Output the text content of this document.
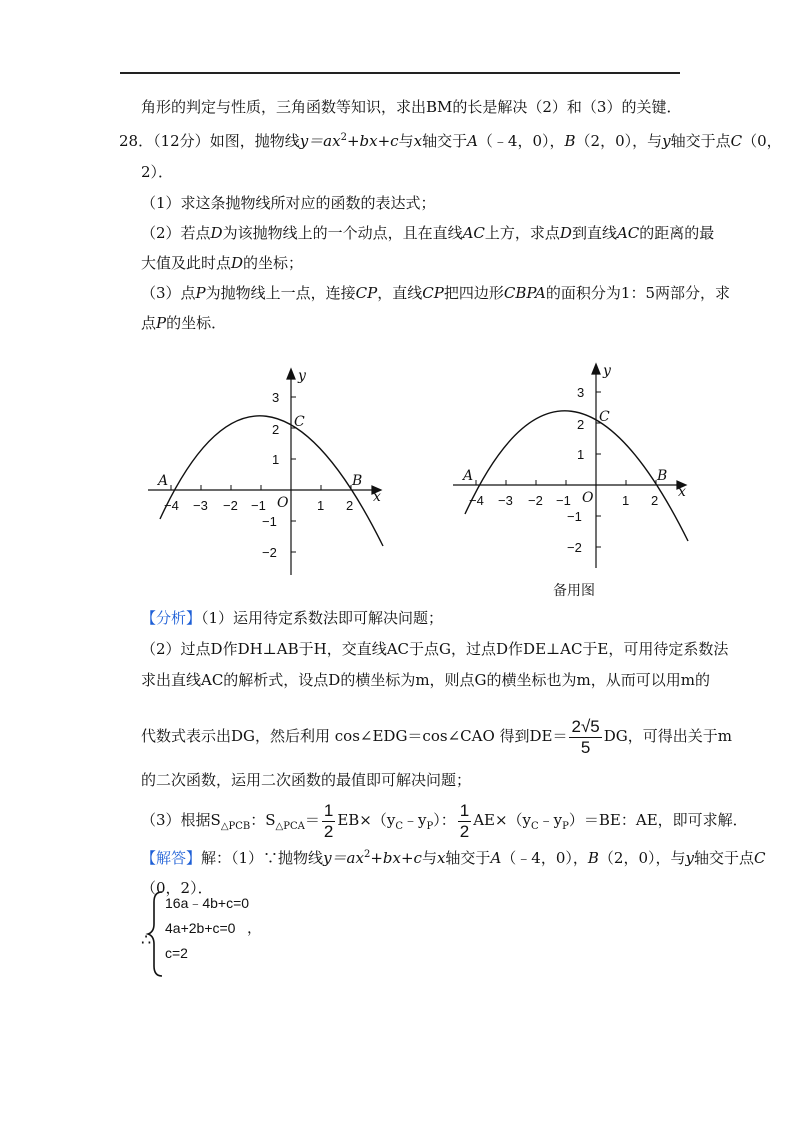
角形的判定与性质，三角函数等知识，求出BM的长是解决（2）和（3）的关键．
28．（12分）如图，抛物线$y=ax^2+bx+c$与x轴交于A（﹣4，0），B（2，0），与y轴交于点C（0，
2）．
（1）求这条抛物线所对应的函数的表达式；
（2）若点D为该抛物线上的一个动点，且在直线AC上方，求点D到直线AC的距离的最
大值及此时点D的坐标；
（3）点P为抛物线上一点，连接CP，直线CP把四边形CBPA的面积分为1：5两部分，求
点P的坐标．
−4 −3 −2 −1	1 2
3
2
1
−1
−2
O	x
y
A	B
C
−4 −3 −2 −1	1 2
3
2
1
−1
−2
O	x
y
A	B
C
备用图
【分析】（1）运用待定系数法即可解决问题；
（2）过点D作DH⊥AB于H，交直线AC于点G，过点D作DE⊥AC于E，可用待定系数法
求出直线AC的解析式，设点D的横坐标为m，则点G的横坐标也为m，从而可以用m的
代数式表示出DG，然后利用 cos∠EDG＝cos∠CAO 得到$DE= \frac{2√5}{5}$ DG，可得出关于m
的二次函数，运用二次函数的最值即可解决问题；
（3）根据$S_{\triangle PCB}$：$S_{\triangle PCA}= \frac{1}{2}$ $EB\times(y_C﹣y_P)$： $\frac{1}{2}$ $AE\times(y_C﹣y_P)=BE$：AE，即可求解．
【解答】解：（1）∵抛物线$y=ax^2+bx+c$与x轴交于A（﹣4，0），B（2，0），与y轴交于点C
（0，2）．
∴
16a﹣4b+c=0
4a+2b+c=0 ，
c=2
